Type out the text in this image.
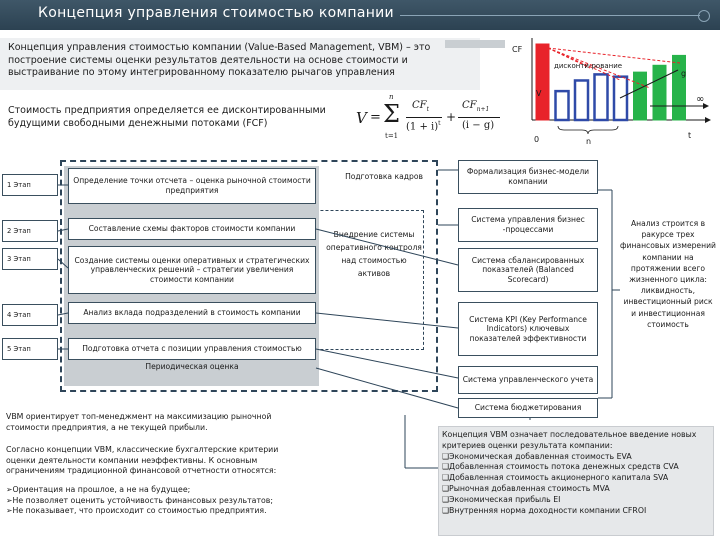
Концепция управления стоимостью компании
Концепция управления стоимостью компании (Value-Based Management, VBM) – это построение системы оценки результатов деятельности на основе стоимости и выстраивание по этому интегрированному показателю рычагов управления
Стоимость предприятия определяется ее дисконтированными будущими свободными денежными потоками (FCF)	V =
n
Σ
t=1
$CF_t$
$(1 + i)^t$ +
$CF_{n+1}$
(i − g)
CF
V
дисконти-рование
g
∞
0	n
t
1 Этап
2 Этап
3 Этап
4 Этап
5 Этап
Определение точки отсчета – оценка рыночной стоимости предприятия
Составление схемы факторов стоимости компании
Создание системы оценки оперативных и стратегических управленческих решений – стратегии увеличения стоимости компании
Анализ вклада подразделений в стоимость компании
Подготовка отчета с позиции управления стоимостью
Периодическая оценка
Подготовка кадров
Внедрение системы оперативного контроля над стоимостью активов
Формализация бизнес-модели компании
Система управления бизнес -процессами
Система сбалансированных показателей (Balanced Scorecard)
Система KPI (Key Performance Indicators) ключевых показателей эффективности
Система управленческого учета
Система бюджетирования
Анализ строится в ракурсе трех финансовых измерений компании на протяжении всего жизненного цикла: ликвидность, инвестиционный риск и инвестиционная стоимость
VBM ориентирует топ-менеджмент на максимизацию рыночной стоимости предприятия, а не текущей прибыли.
Согласно концепции VBM, классические бухгалтерские критерии оценки деятельности компании неэффективны. К основным ограничениям традиционной финансовой отчетности относятся:
➢Ориентация на прошлое, а не на будущее;
➢Не позволяет оценить устойчивость финансовых результатов;
➢Не показывает, что происходит со стоимостью предприятия.
Концепция VBM означает последовательное введение новых критериев оценки результата компании:
❑Экономическая добавленная стоимость EVA
❑Добавленная стоимость потока денежных средств CVA
❑Добавленная стоимость акционерного капитала SVA
❑Рыночная добавленная стоимость MVA
❑Экономическая прибыль EI
❑Внутренняя норма доходности компании CFROI
